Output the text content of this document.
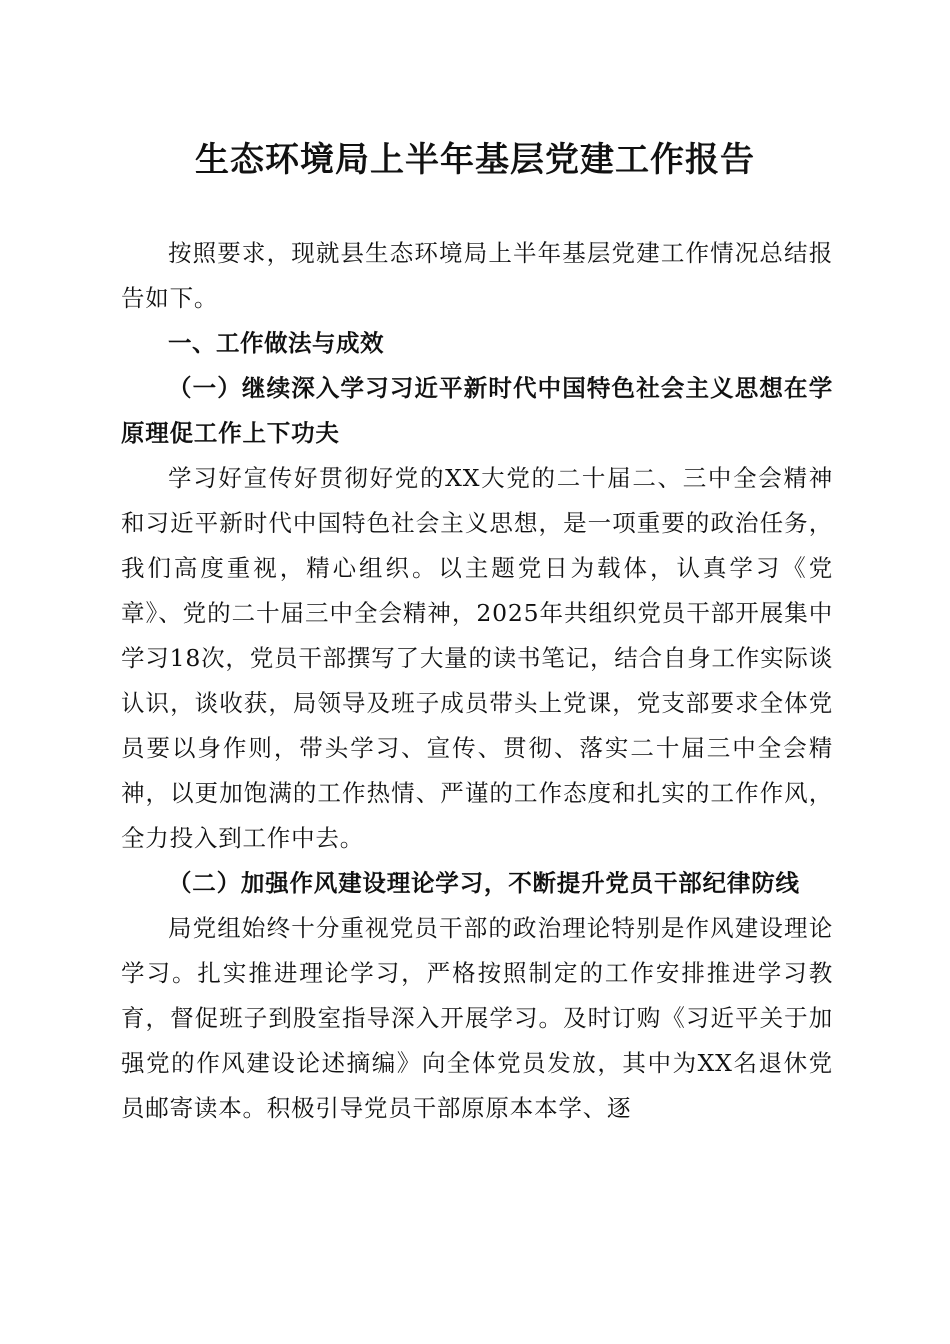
生态环境局上半年基层党建工作报告

按照要求，现就县生态环境局上半年基层党建工作情况总结报告如下。

一、工作做法与成效

（一）继续深入学习习近平新时代中国特色社会主义思想在学原理促工作上下功夫

学习好宣传好贯彻好党的XX大党的二十届二、三中全会精神和习近平新时代中国特色社会主义思想，是一项重要的政治任务，我们高度重视，精心组织。以主题党日为载体，认真学习《党章》、党的二十届三中全会精神，2025年共组织党员干部开展集中学习18次，党员干部撰写了大量的读书笔记，结合自身工作实际谈认识，谈收获，局领导及班子成员带头上党课，党支部要求全体党员要以身作则，带头学习、宣传、贯彻、落实二十届三中全会精神，以更加饱满的工作热情、严谨的工作态度和扎实的工作作风，全力投入到工作中去。

（二）加强作风建设理论学习，不断提升党员干部纪律防线

局党组始终十分重视党员干部的政治理论特别是作风建设理论学习。扎实推进理论学习，严格按照制定的工作安排推进学习教育，督促班子到股室指导深入开展学习。及时订购《习近平关于加强党的作风建设论述摘编》向全体党员发放，其中为XX名退休党员邮寄读本。积极引导党员干部原原本本学、逐
